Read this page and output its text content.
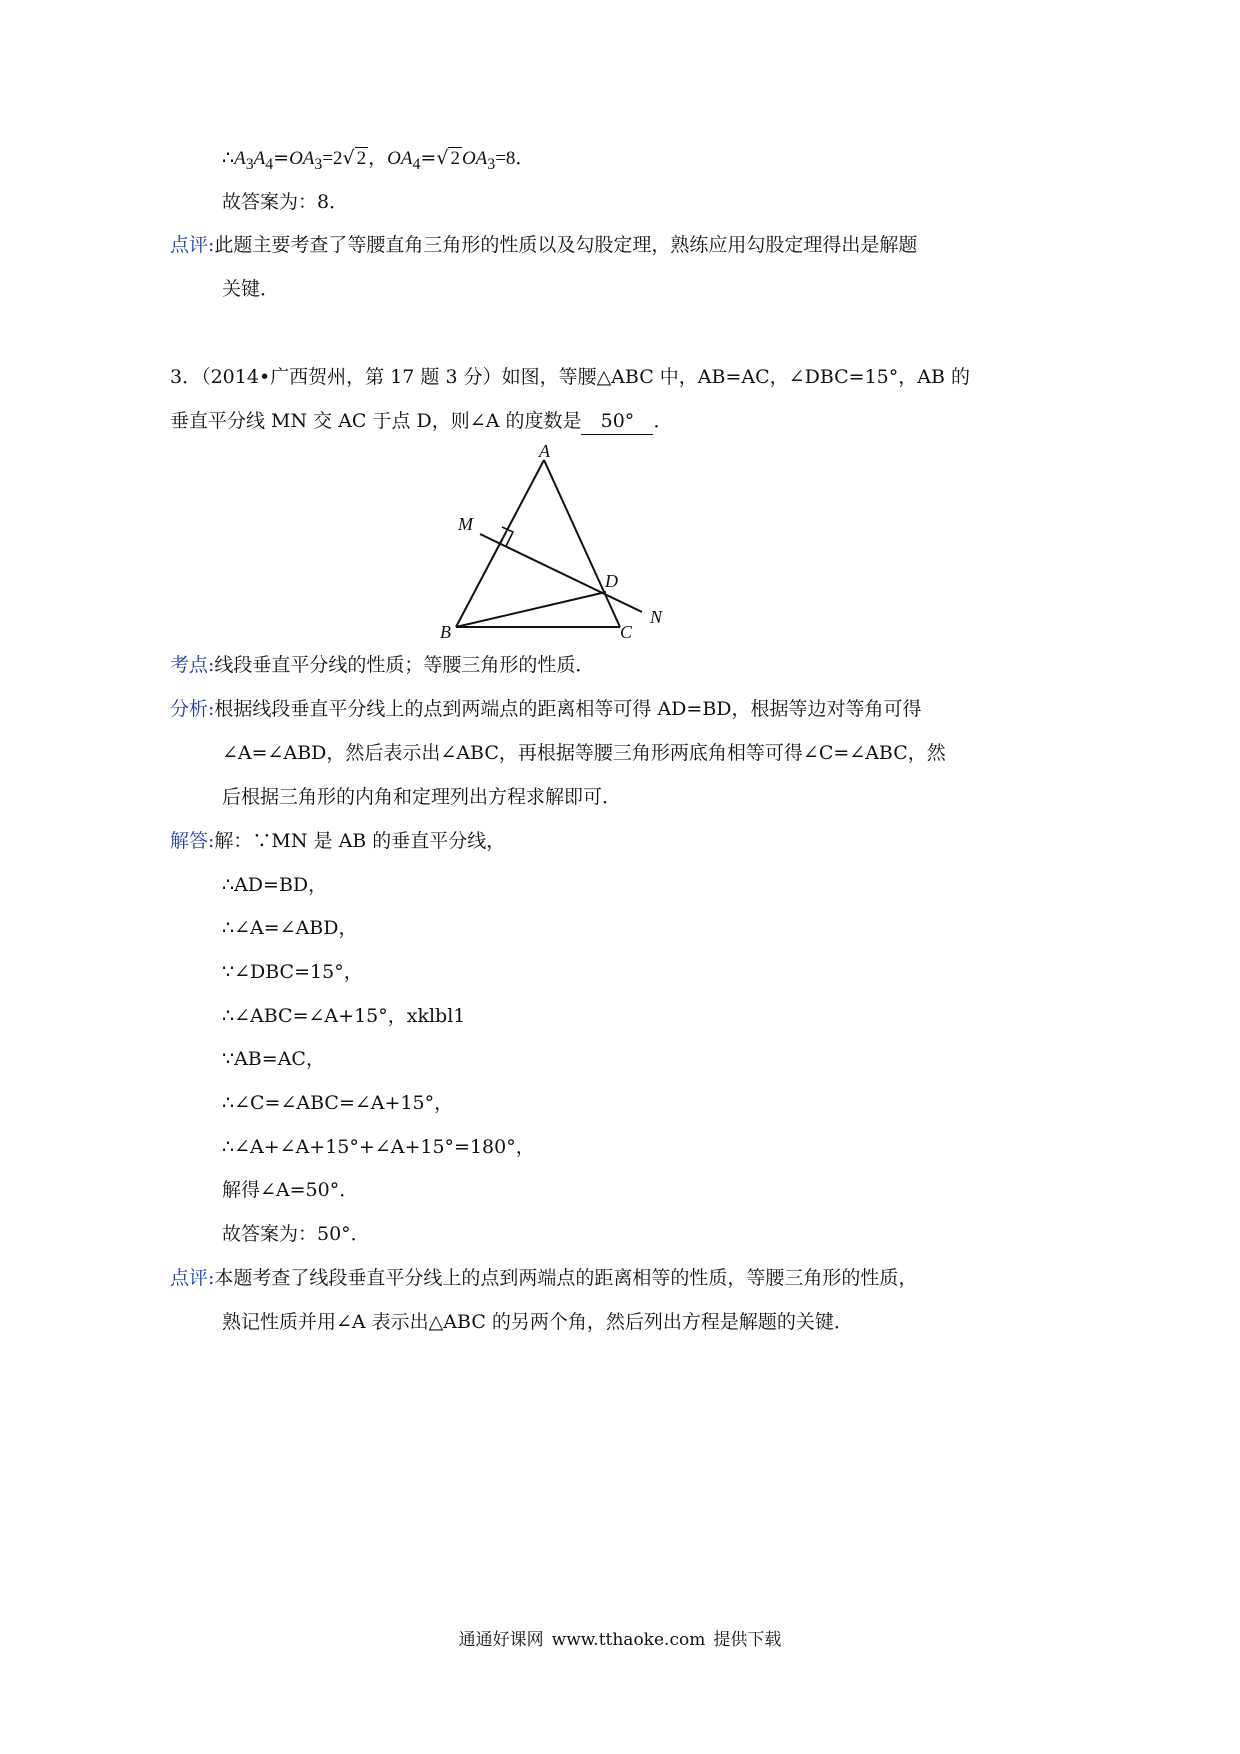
$\therefore A_3A_4=OA_3=2√$ 2 ，$OA_4=√$ 2 $OA_3=8$．
故答案为：8．
点评:此题主要考查了等腰直角三角形的性质以及勾股定理，熟练应用勾股定理得出是解题
关键．
3．（2014•广西贺州，第 17 题 3 分）如图，等腰△ABC 中，AB=AC，∠DBC=15°，AB 的
垂直平分线 MN 交 AC 于点 D，则∠A 的度数是 50° ．
A
B	C
D
M
N
考点:线段垂直平分线的性质；等腰三角形的性质．
分析:根据线段垂直平分线上的点到两端点的距离相等可得 AD=BD，根据等边对等角可得
∠A=∠ABD，然后表示出∠ABC，再根据等腰三角形两底角相等可得∠C=∠ABC，然
后根据三角形的内角和定理列出方程求解即可．
解答:解：∵MN 是 AB 的垂直平分线，
∴AD=BD，
∴∠A=∠ABD，
∵∠DBC=15°，
∴∠ABC=∠A+15°，xklbl1
∵AB=AC，
∴∠C=∠ABC=∠A+15°，
∴∠A+∠A+15°+∠A+15°=180°，
解得∠A=50°．
故答案为：50°．
点评:本题考查了线段垂直平分线上的点到两端点的距离相等的性质，等腰三角形的性质，
熟记性质并用∠A 表示出△ABC 的另两个角，然后列出方程是解题的关键．
通通好课网 www.tthaoke.com 提供下载
